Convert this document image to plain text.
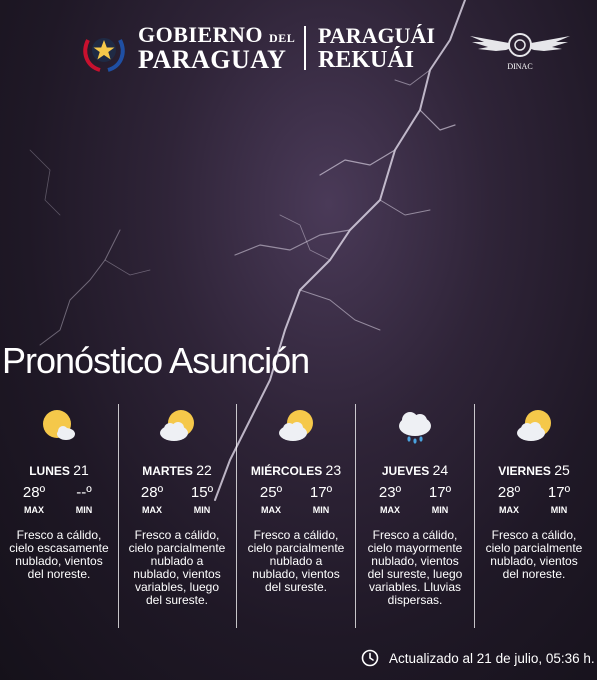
GOBIERNO DEL
PARAGUAY
PARAGUÁI
REKUÁI	DINAC
Pronóstico Asunción
LUNES 21
28º
MAX
--º
MIN
Fresco a cálido, cielo escasamente nublado, vientos del noreste.
MARTES 22
28º
MAX
15º
MIN
Fresco a cálido, cielo parcialmente nublado a nublado, vientos variables, luego del sureste.
MIÉRCOLES 23
25º
MAX
17º
MIN
Fresco a cálido, cielo parcialmente nublado a nublado, vientos del sureste.
JUEVES 24
23º
MAX
17º
MIN
Fresco a cálido, cielo mayormente nublado, vientos del sureste, luego variables. Lluvias dispersas.
VIERNES 25
28º
MAX
17º
MIN
Fresco a cálido, cielo parcialmente nublado, vientos del noreste.
Actualizado al 21 de julio, 05:36 h.
